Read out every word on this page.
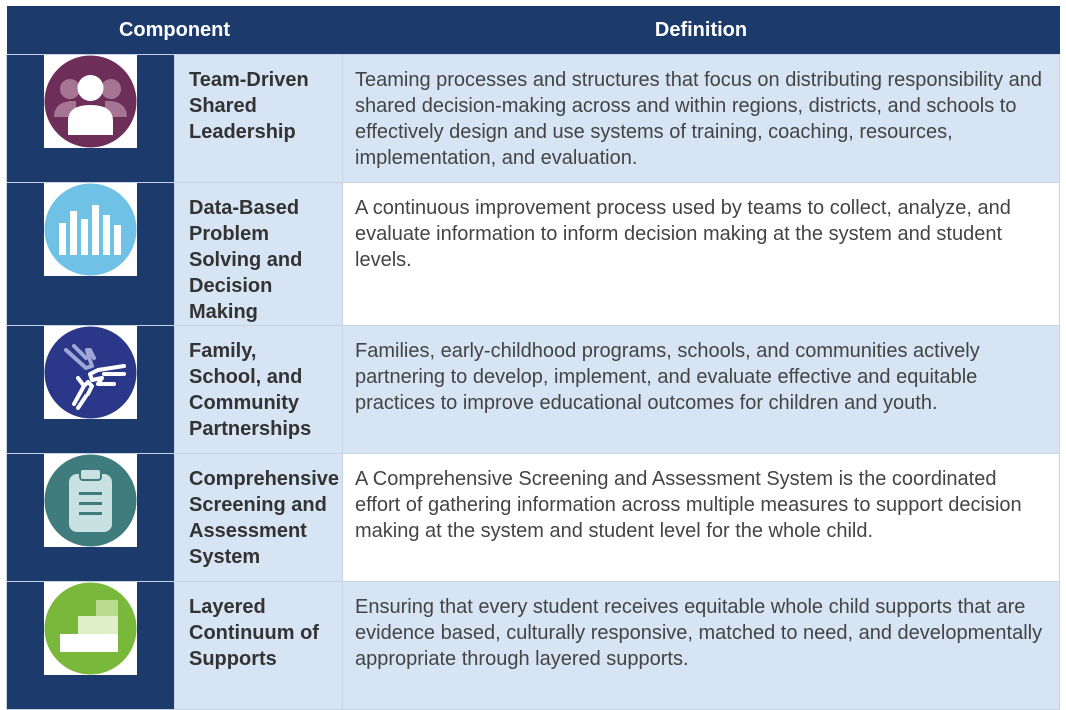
Component		Definition

Team-Driven Shared Leadership	Teaming processes and structures that focus on distributing responsibility and shared decision-making across and within regions, districts, and schools to effectively design and use systems of training, coaching, resources, implementation, and evaluation.

Data-Based Problem Solving and Decision Making	A continuous improvement process used by teams to collect, analyze, and evaluate information to inform decision making at the system and student levels.

Family, School, and Community Partnerships	Families, early-childhood programs, schools, and communities actively partnering to develop, implement, and evaluate effective and equitable practices to improve educational outcomes for children and youth.

Comprehensive Screening and Assessment System	A Comprehensive Screening and Assessment System is the coordinated effort of gathering information across multiple measures to support decision making at the system and student level for the whole child.

Layered Continuum of Supports	Ensuring that every student receives equitable whole child supports that are evidence based, culturally responsive, matched to need, and developmentally appropriate through layered supports.
